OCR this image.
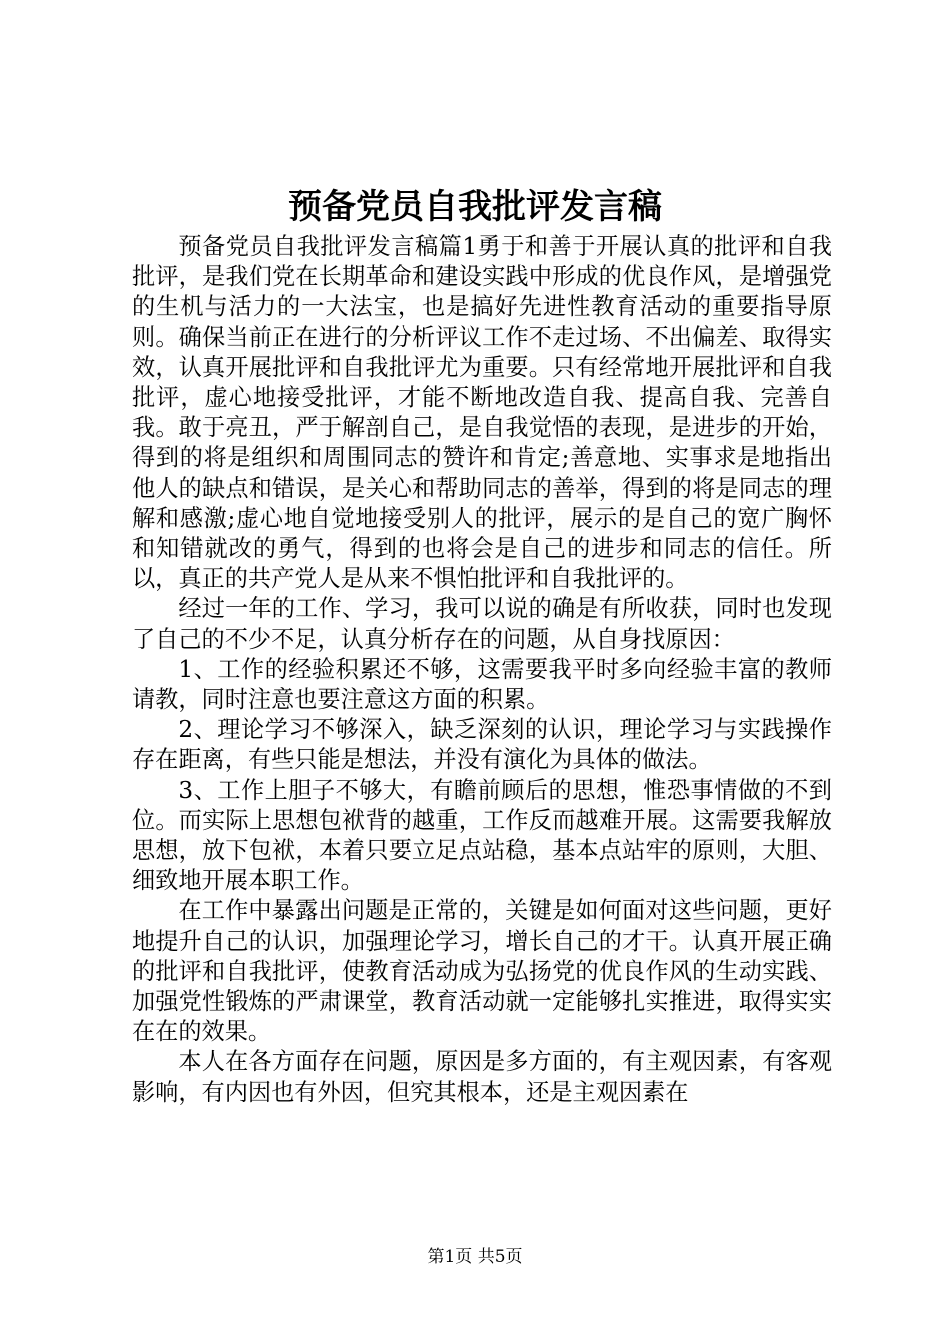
预备党员自我批评发言稿

预备党员自我批评发言稿篇1勇于和善于开展认真的批评和自我批评，是我们党在长期革命和建设实践中形成的优良作风，是增强党的生机与活力的一大法宝，也是搞好先进性教育活动的重要指导原则。确保当前正在进行的分析评议工作不走过场、不出偏差、取得实效，认真开展批评和自我批评尤为重要。只有经常地开展批评和自我批评，虚心地接受批评，才能不断地改造自我、提高自我、完善自我。敢于亮丑，严于解剖自己，是自我觉悟的表现，是进步的开始，得到的将是组织和周围同志的赞许和肯定;善意地、实事求是地指出他人的缺点和错误，是关心和帮助同志的善举，得到的将是同志的理解和感激;虚心地自觉地接受别人的批评，展示的是自己的宽广胸怀和知错就改的勇气，得到的也将会是自己的进步和同志的信任。所以，真正的共产党人是从来不惧怕批评和自我批评的。

经过一年的工作、学习，我可以说的确是有所收获，同时也发现了自己的不少不足，认真分析存在的问题，从自身找原因：

1、工作的经验积累还不够，这需要我平时多向经验丰富的教师请教，同时注意也要注意这方面的积累。

2、理论学习不够深入，缺乏深刻的认识，理论学习与实践操作存在距离，有些只能是想法，并没有演化为具体的做法。

3、工作上胆子不够大，有瞻前顾后的思想，惟恐事情做的不到位。而实际上思想包袱背的越重，工作反而越难开展。这需要我解放思想，放下包袱，本着只要立足点站稳，基本点站牢的原则，大胆、细致地开展本职工作。

在工作中暴露出问题是正常的，关键是如何面对这些问题，更好地提升自己的认识，加强理论学习，增长自己的才干。认真开展正确的批评和自我批评，使教育活动成为弘扬党的优良作风的生动实践、加强党性锻炼的严肃课堂，教育活动就一定能够扎实推进，取得实实在在的效果。

本人在各方面存在问题，原因是多方面的，有主观因素，有客观影响，有内因也有外因，但究其根本，还是主观因素在

第1页 共5页
